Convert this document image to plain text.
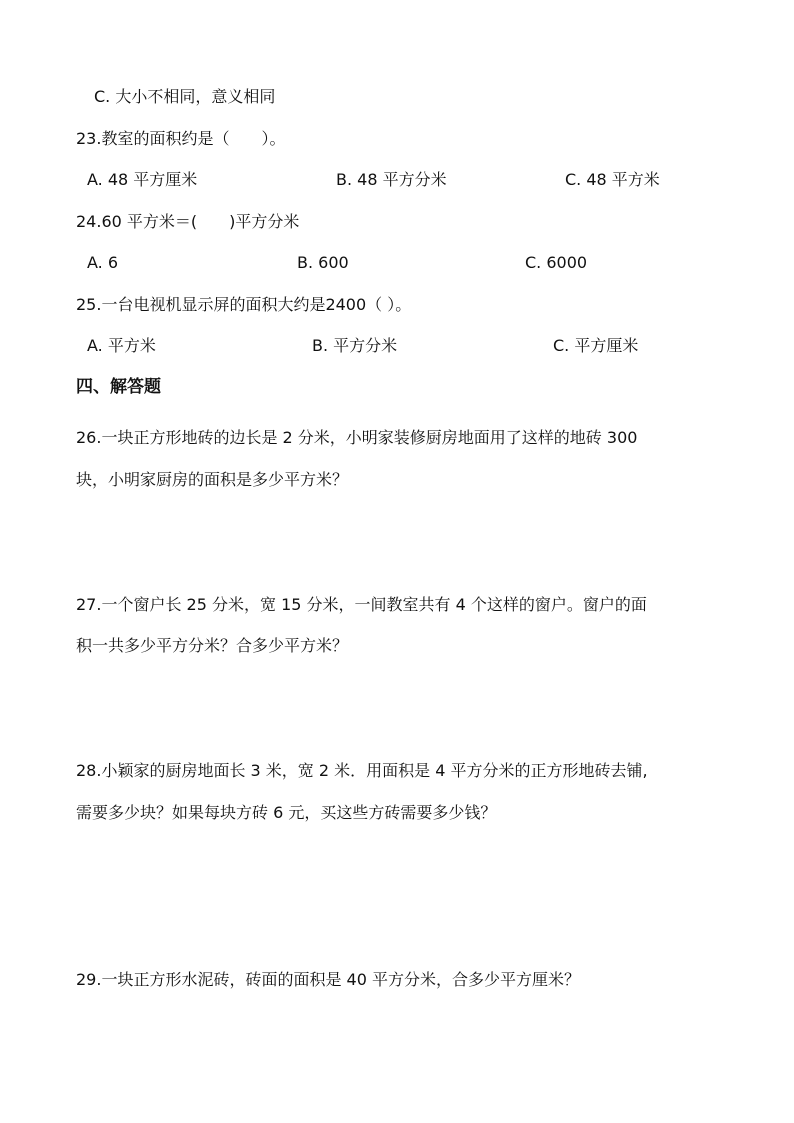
C. 大小不相同，意义相同
23.教室的面积约是（　　）。
A. 48 平方厘米	B. 48 平方分米	C. 48 平方米
24.60 平方米＝(　　)平方分米
A. 6	B. 600	C. 6000
25.一台电视机显示屏的面积大约是2400（ ）。
A. 平方米	B. 平方分米	C. 平方厘米
四、解答题
26.一块正方形地砖的边长是 2 分米，小明家装修厨房地面用了这样的地砖 300
块，小明家厨房的面积是多少平方米？
27.一个窗户长 25 分米，宽 15 分米，一间教室共有 4 个这样的窗户。窗户的面
积一共多少平方分米？合多少平方米？
28.小颖家的厨房地面长 3 米，宽 2 米．用面积是 4 平方分米的正方形地砖去铺,
需要多少块？如果每块方砖 6 元，买这些方砖需要多少钱？
29.一块正方形水泥砖，砖面的面积是 40 平方分米，合多少平方厘米？
